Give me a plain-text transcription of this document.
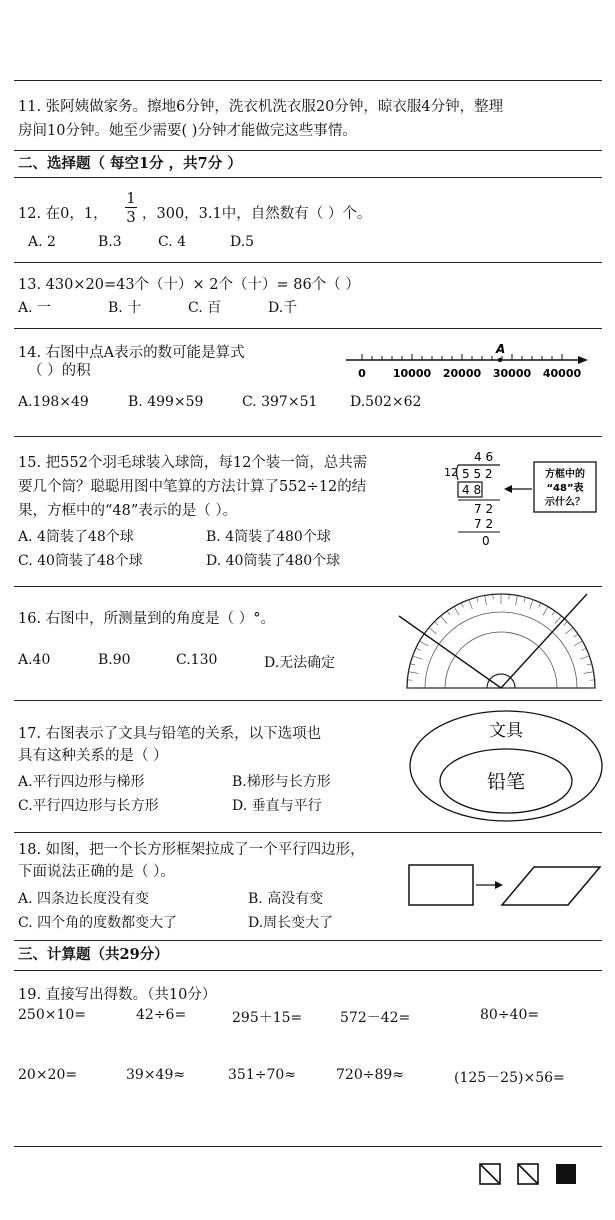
11. 张阿姨做家务。擦地6分钟，洗衣机洗衣服20分钟，晾衣服4分钟，整理
房间10分钟。她至少需要( )分钟才能做完这些事情。
二、选择题（ 每空1分 ，共7分 ）
12. 在0，1，
1
3 ，300，3.1中，自然数有（ ）个。
A. 2	B.3	C. 4	D.5
13. 430×20=43个（十）× 2个（十）= 86个（ ）
A. 一	B. 十	C. 百	D.千
14. 右图中点A表示的数可能是算式
（ ）的积
A
0 10000 20000 30000 40000
A.198×49	B. 499×59	C. 397×51 D.502×62
15. 把552个羽毛球装入球筒，每12个装一筒，总共需
要几个筒？聪聪用图中笔算的方法计算了552÷12的结
果，方框中的“48”表示的是（ ）。
A. 4筒装了48个球	B. 4筒装了480个球
C. 40筒装了48个球	D. 40筒装了480个球
4 6
12 5 5 2
4 8
7 2
7 2
0
方框中的
“48”表
示什么？
16. 右图中，所测量到的角度是（ ）°。
A.40	B.90	C.130	D.无法确定
17. 右图表示了文具与铅笔的关系，以下选项也
具有这种关系的是（ ）
A.平行四边形与梯形	B.梯形与长方形
C.平行四边形与长方形	D. 垂直与平行
文具
铅笔
18. 如图，把一个长方形框架拉成了一个平行四边形，
下面说法正确的是（ ）。
A. 四条边长度没有变	B. 高没有变
C. 四个角的度数都变大了	D.周长变大了
三、计算题（共29分）
19. 直接写出得数。（共10分）
250×10=	42÷6=	295＋15=	572－42=	80÷40=
20×20=	39×49≈	351÷70≈	720÷89≈	(125－25)×56=
